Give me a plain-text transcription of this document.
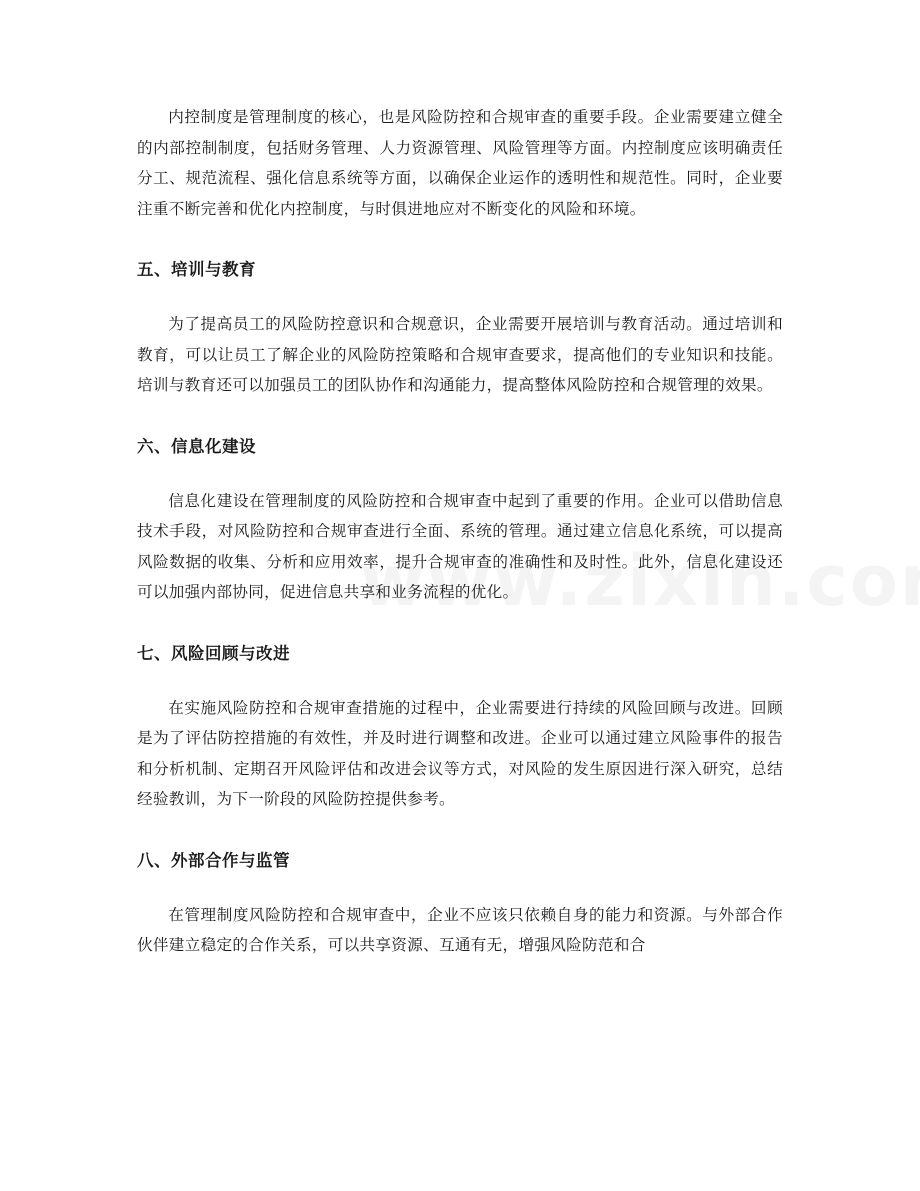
内控制度是管理制度的核心，也是风险防控和合规审查的重要手段。企业需要建立健全的内部控制制度，包括财务管理、人力资源管理、风险管理等方面。内控制度应该明确责任分工、规范流程、强化信息系统等方面，以确保企业运作的透明性和规范性。同时，企业要注重不断完善和优化内控制度，与时俱进地应对不断变化的风险和环境。

五、培训与教育

为了提高员工的风险防控意识和合规意识，企业需要开展培训与教育活动。通过培训和教育，可以让员工了解企业的风险防控策略和合规审查要求，提高他们的专业知识和技能。培训与教育还可以加强员工的团队协作和沟通能力，提高整体风险防控和合规管理的效果。

六、信息化建设

信息化建设在管理制度的风险防控和合规审查中起到了重要的作用。企业可以借助信息技术手段，对风险防控和合规审查进行全面、系统的管理。通过建立信息化系统，可以提高风险数据的收集、分析和应用效率，提升合规审查的准确性和及时性。此外，信息化建设还可以加强内部协同，促进信息共享和业务流程的优化。

七、风险回顾与改进

在实施风险防控和合规审查措施的过程中，企业需要进行持续的风险回顾与改进。回顾是为了评估防控措施的有效性，并及时进行调整和改进。企业可以通过建立风险事件的报告和分析机制、定期召开风险评估和改进会议等方式，对风险的发生原因进行深入研究，总结经验教训，为下一阶段的风险防控提供参考。

八、外部合作与监管

在管理制度风险防控和合规审查中，企业不应该只依赖自身的能力和资源。与外部合作伙伴建立稳定的合作关系，可以共享资源、互通有无，增强风险防范和合
